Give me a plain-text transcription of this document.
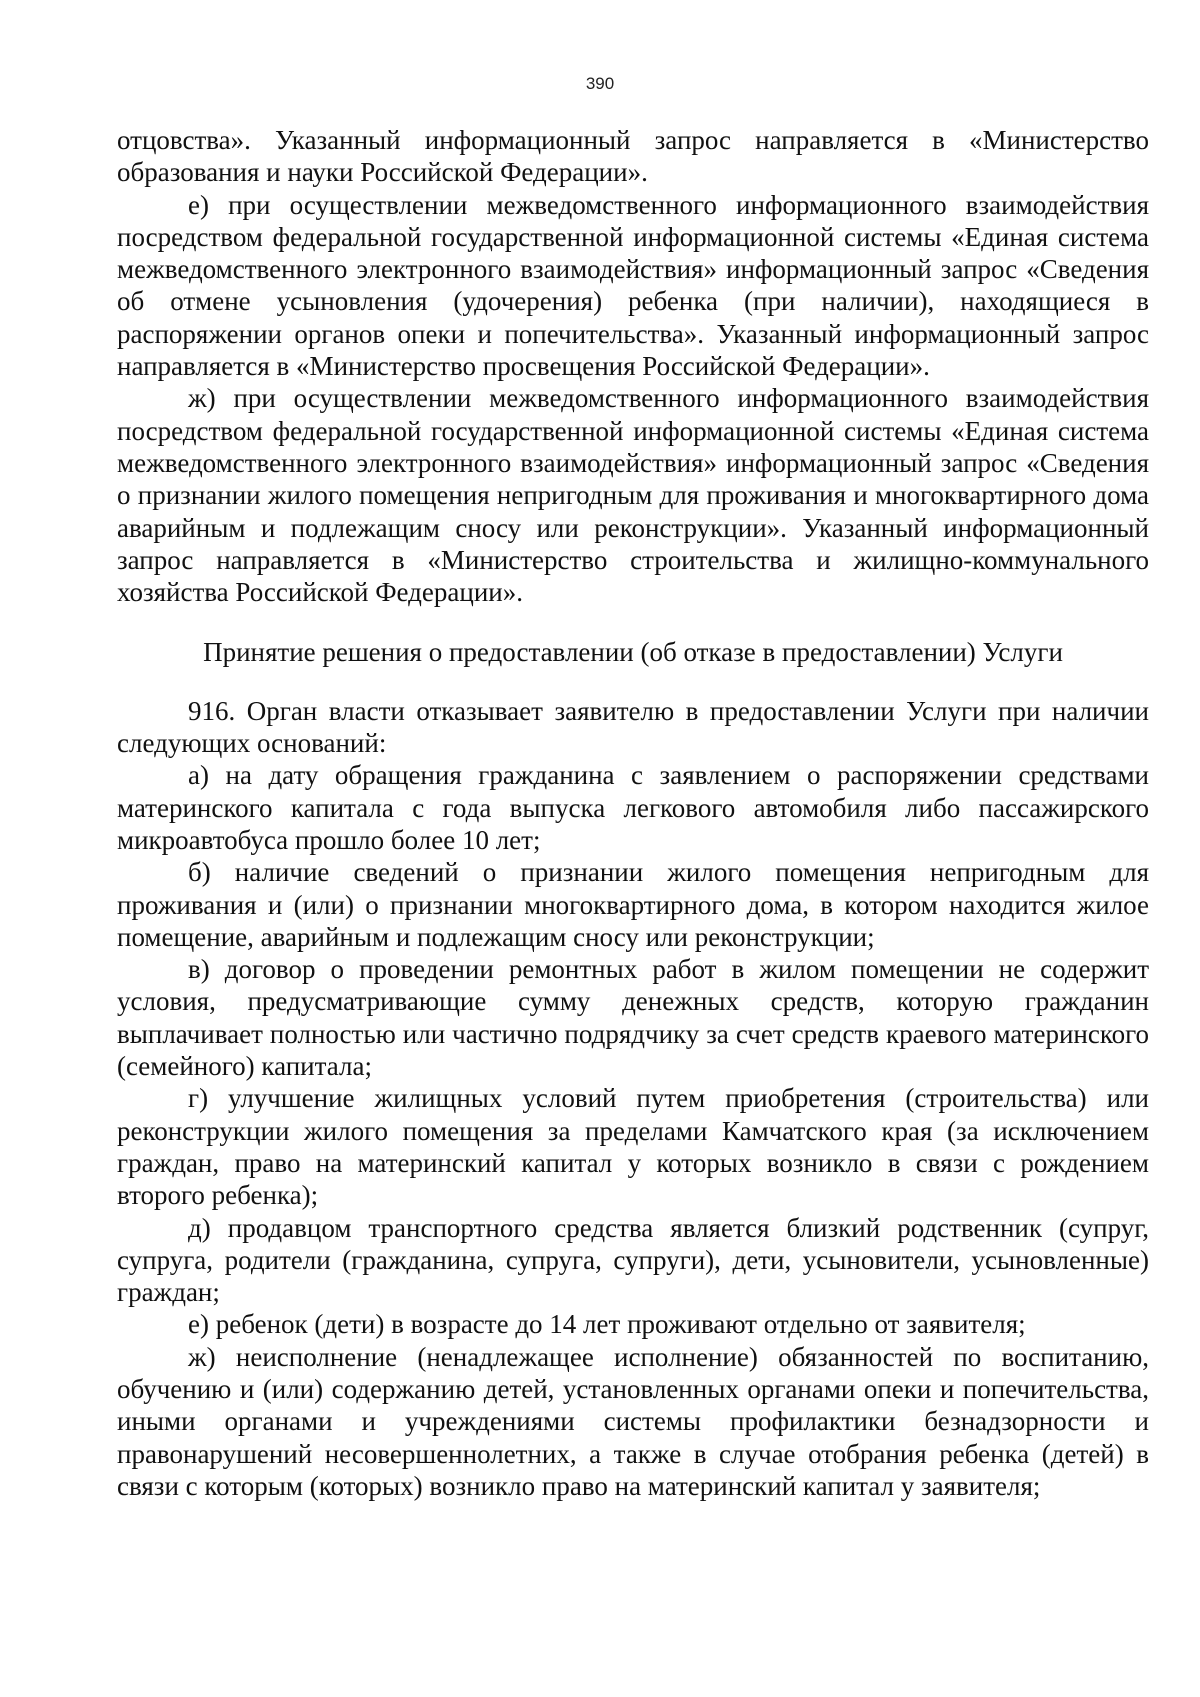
390

отцовства». Указанный информационный запрос направляется в «Министерство образования и науки Российской Федерации».

е) при осуществлении межведомственного информационного взаимодействия посредством федеральной государственной информационной системы «Единая система межведомственного электронного взаимодействия» информационный запрос «Сведения об отмене усыновления (удочерения) ребенка (при наличии), находящиеся в распоряжении органов опеки и попечительства». Указанный информационный запрос направляется в «Министерство просвещения Российской Федерации».

ж) при осуществлении межведомственного информационного взаимодействия посредством федеральной государственной информационной системы «Единая система межведомственного электронного взаимодействия» информационный запрос «Сведения о признании жилого помещения непригодным для проживания и многоквартирного дома аварийным и подлежащим сносу или реконструкции». Указанный информационный запрос направляется в «Министерство строительства и жилищно-коммунального хозяйства Российской Федерации».

Принятие решения о предоставлении (об отказе в предоставлении) Услуги

916. Орган власти отказывает заявителю в предоставлении Услуги при наличии следующих оснований:

а) на дату обращения гражданина с заявлением о распоряжении средствами материнского капитала с года выпуска легкового автомобиля либо пассажирского микроавтобуса прошло более 10 лет;

б) наличие сведений о признании жилого помещения непригодным для проживания и (или) о признании многоквартирного дома, в котором находится жилое помещение, аварийным и подлежащим сносу или реконструкции;

в) договор о проведении ремонтных работ в жилом помещении не содержит условия, предусматривающие сумму денежных средств, которую гражданин выплачивает полностью или частично подрядчику за счет средств краевого материнского (семейного) капитала;

г) улучшение жилищных условий путем приобретения (строительства) или реконструкции жилого помещения за пределами Камчатского края (за исключением граждан, право на материнский капитал у которых возникло в связи с рождением второго ребенка);

д) продавцом транспортного средства является близкий родственник (супруг, супруга, родители (гражданина, супруга, супруги), дети, усыновители, усыновленные) граждан;

е) ребенок (дети) в возрасте до 14 лет проживают отдельно от заявителя;

ж) неисполнение (ненадлежащее исполнение) обязанностей по воспитанию, обучению и (или) содержанию детей, установленных органами опеки и попечительства, иными органами и учреждениями системы профилактики безнадзорности и правонарушений несовершеннолетних, а также в случае отобрания ребенка (детей) в связи с которым (которых) возникло право на материнский капитал у заявителя;
